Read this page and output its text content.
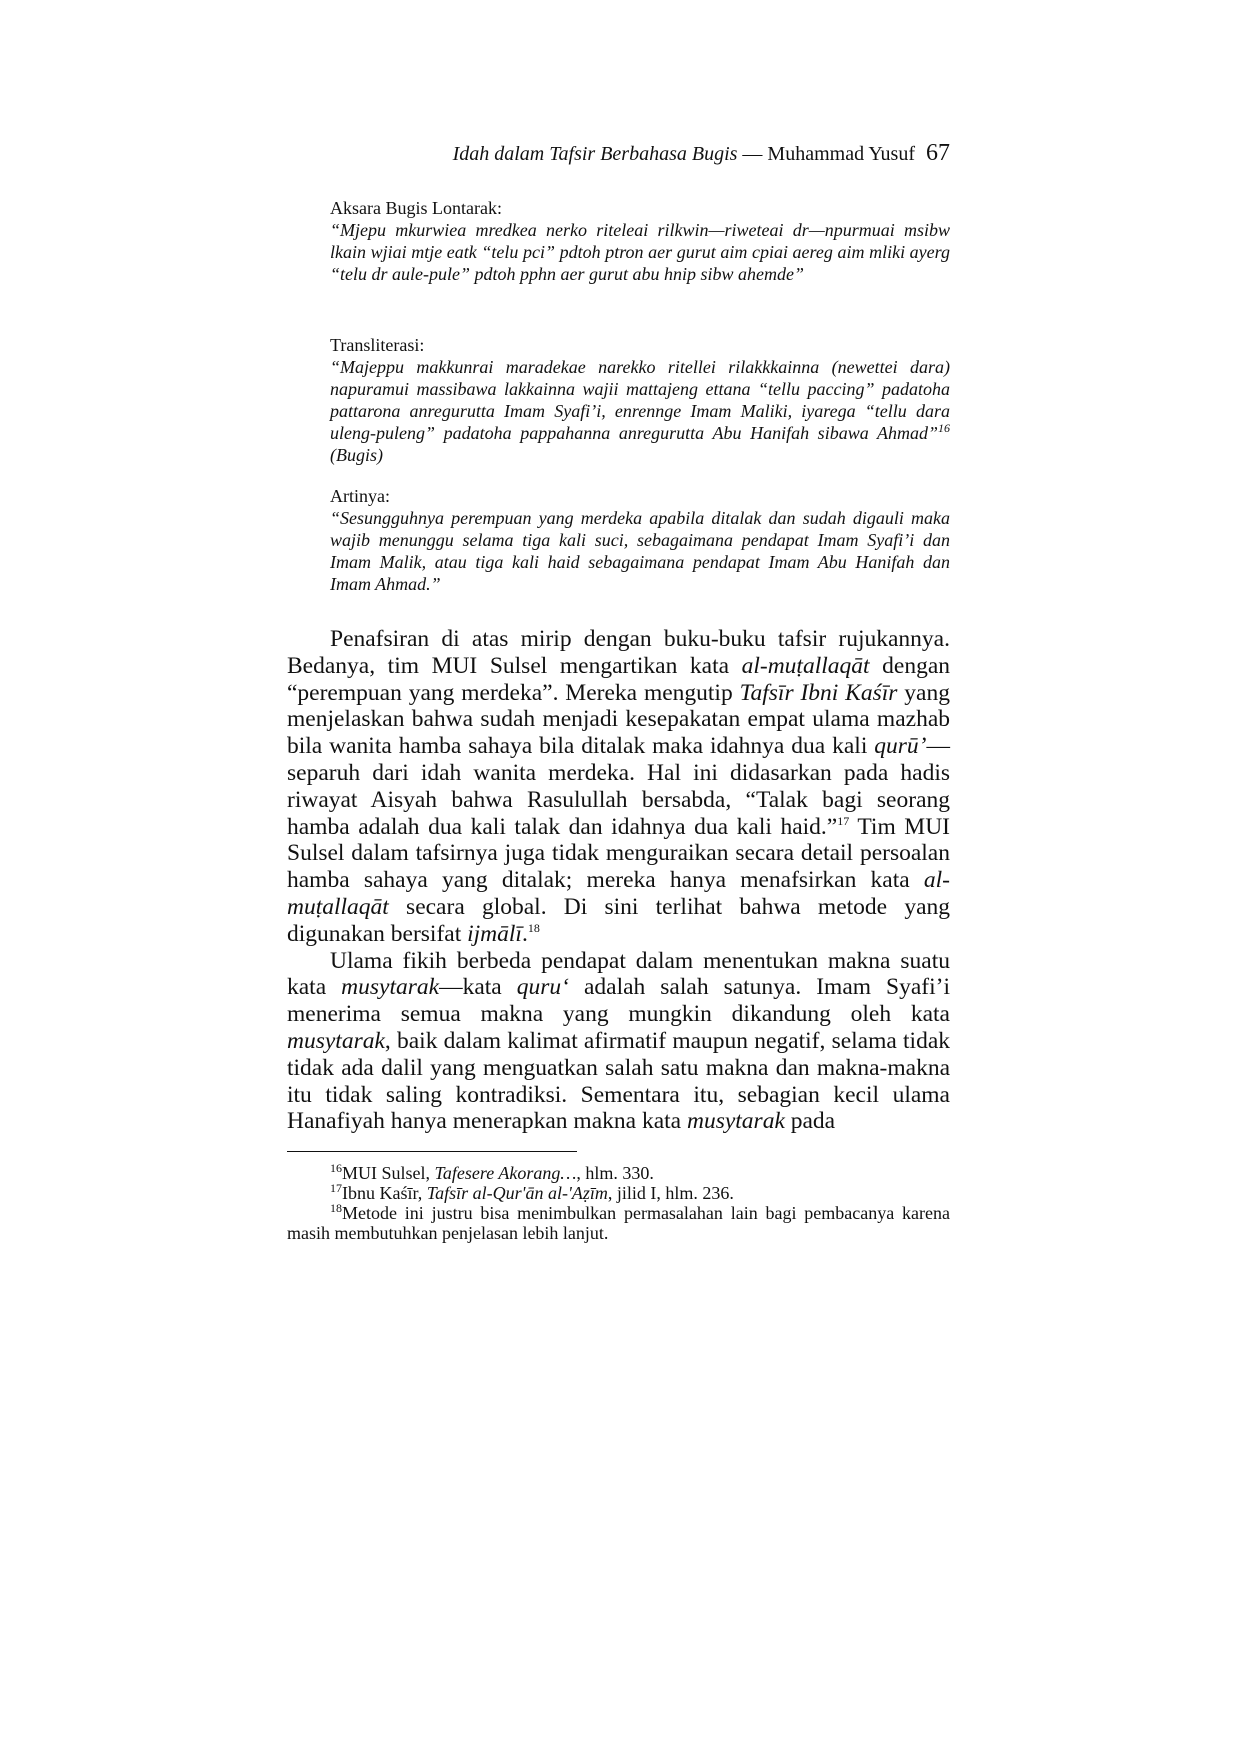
Idah dalam Tafsir Berbahasa Bugis — Muhammad Yusuf 67
Aksara Bugis Lontarak:
“Mjepu mkurwiea mredkea nerko riteleai rilkwin—riweteai dr—npurmuai msibw lkain wjiai mtje eatk “telu pci” pdtoh ptron aer gurut aim cpiai aereg aim mliki ayerg “telu dr aule-pule” pdtoh pphn aer gurut abu hnip sibw ahemde”
Transliterasi:
“Majeppu makkunrai maradekae narekko ritellei rilakkkainna (newettei dara) napuramui massibawa lakkainna wajii mattajeng ettana “tellu paccing” padatoha pattarona anregurutta Imam Syafi’i, enrennge Imam Maliki, iyarega “tellu dara uleng-puleng” padatoha pappahanna anregurutta Abu Hanifah sibawa Ahmad”$^{16}$ (Bugis)
Artinya:
“Sesungguhnya perempuan yang merdeka apabila ditalak dan sudah digauli maka wajib menunggu selama tiga kali suci, sebagaimana pendapat Imam Syafi’i dan Imam Malik, atau tiga kali haid sebagaimana pendapat Imam Abu Hanifah dan Imam Ahmad.”

Penafsiran di atas mirip dengan buku-buku tafsir rujukannya. Bedanya, tim MUI Sulsel mengartikan kata al-muṭallaqāt dengan “perempuan yang merdeka”. Mereka mengutip Tafsīr Ibni Kaśīr yang menjelaskan bahwa sudah menjadi kesepakatan empat ulama mazhab bila wanita hamba sahaya bila ditalak maka idahnya dua kali qurū’—separuh dari idah wanita merdeka. Hal ini didasarkan pada hadis riwayat Aisyah bahwa Rasulullah bersabda, “Talak bagi seorang hamba adalah dua kali talak dan idahnya dua kali haid.”$^{17}$ Tim MUI Sulsel dalam tafsirnya juga tidak menguraikan secara detail persoalan hamba sahaya yang ditalak; mereka hanya menafsirkan kata al-muṭallaqāt secara global. Di sini terlihat bahwa metode yang digunakan bersifat ijmālī.$^{18}$

Ulama fikih berbeda pendapat dalam menentukan makna suatu kata musytarak—kata quru‘ adalah salah satunya. Imam Syafi’i menerima semua makna yang mungkin dikandung oleh kata musytarak, baik dalam kalimat afirmatif maupun negatif, selama tidak tidak ada dalil yang menguatkan salah satu makna dan makna-makna itu tidak saling kontradiksi. Sementara itu, sebagian kecil ulama Hanafiyah hanya menerapkan makna kata musytarak pada

$^{16}$MUI Sulsel, Tafesere Akorang…, hlm. 330.

$^{17}$Ibnu Kaśīr, Tafsīr al-Qur'ān al-'Aẓīm, jilid I, hlm. 236.

$^{18}$Metode ini justru bisa menimbulkan permasalahan lain bagi pembacanya karena masih membutuhkan penjelasan lebih lanjut.
